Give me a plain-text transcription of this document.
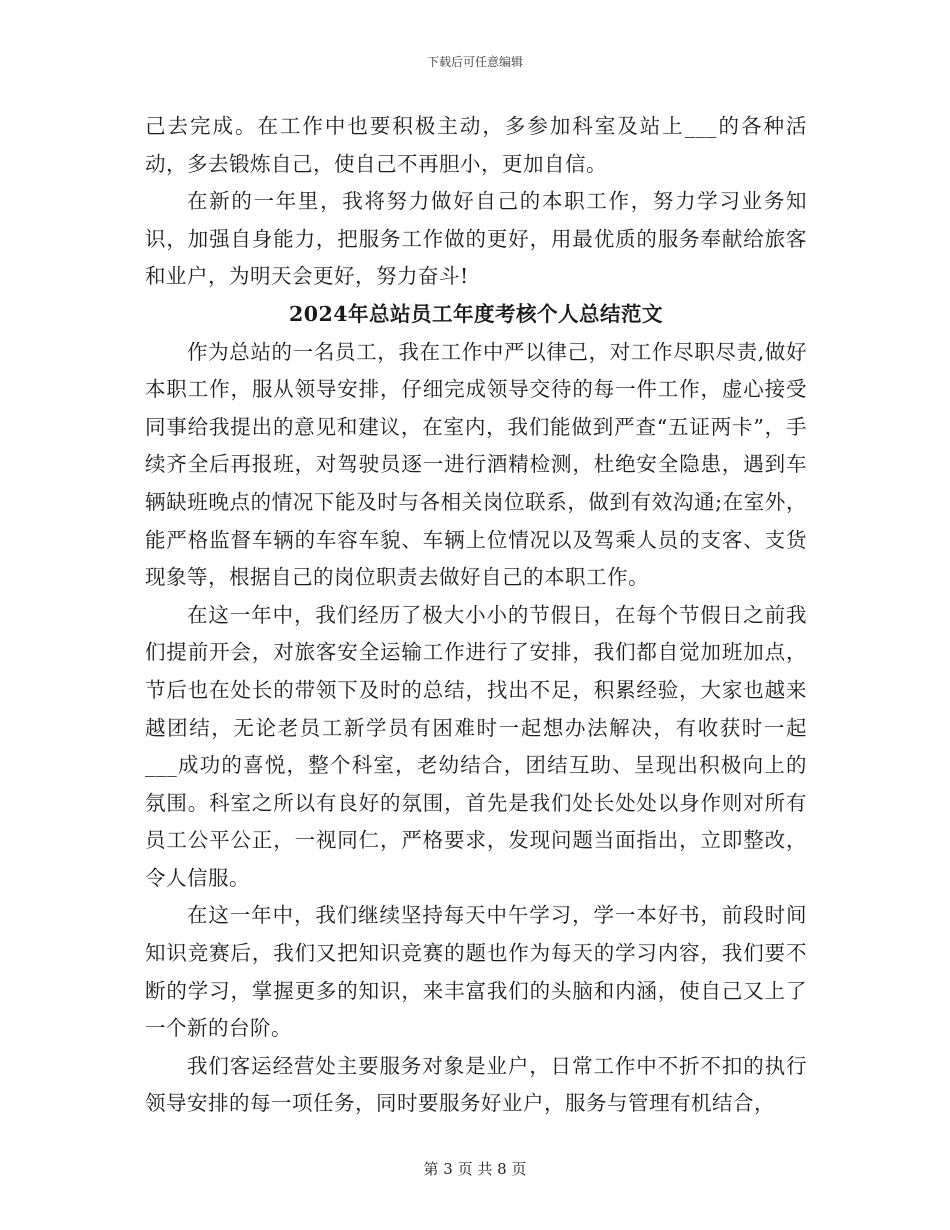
下载后可任意编辑

己去完成。在工作中也要积极主动，多参加科室及站上___的各种活动，多去锻炼自己，使自己不再胆小，更加自信。

在新的一年里，我将努力做好自己的本职工作，努力学习业务知识，加强自身能力，把服务工作做的更好，用最优质的服务奉献给旅客和业户，为明天会更好，努力奋斗!

2024年总站员工年度考核个人总结范文

作为总站的一名员工，我在工作中严以律己，对工作尽职尽责,做好本职工作，服从领导安排，仔细完成领导交待的每一件工作，虚心接受同事给我提出的意见和建议，在室内，我们能做到严查“五证两卡”，手续齐全后再报班，对驾驶员逐一进行酒精检测，杜绝安全隐患，遇到车辆缺班晚点的情况下能及时与各相关岗位联系，做到有效沟通;在室外，能严格监督车辆的车容车貌、车辆上位情况以及驾乘人员的支客、支货现象等，根据自己的岗位职责去做好自己的本职工作。

在这一年中，我们经历了极大小小的节假日，在每个节假日之前我们提前开会，对旅客安全运输工作进行了安排，我们都自觉加班加点，节后也在处长的带领下及时的总结，找出不足，积累经验，大家也越来越团结，无论老员工新学员有困难时一起想办法解决，有收获时一起___成功的喜悦，整个科室，老幼结合，团结互助、呈现出积极向上的氛围。科室之所以有良好的氛围，首先是我们处长处处以身作则对所有员工公平公正，一视同仁，严格要求，发现问题当面指出，立即整改，令人信服。

在这一年中，我们继续坚持每天中午学习，学一本好书，前段时间知识竞赛后，我们又把知识竞赛的题也作为每天的学习内容，我们要不断的学习，掌握更多的知识，来丰富我们的头脑和内涵，使自己又上了一个新的台阶。

我们客运经营处主要服务对象是业户，日常工作中不折不扣的执行领导安排的每一项任务，同时要服务好业户，服务与管理有机结合，

第 3 页 共 8 页
